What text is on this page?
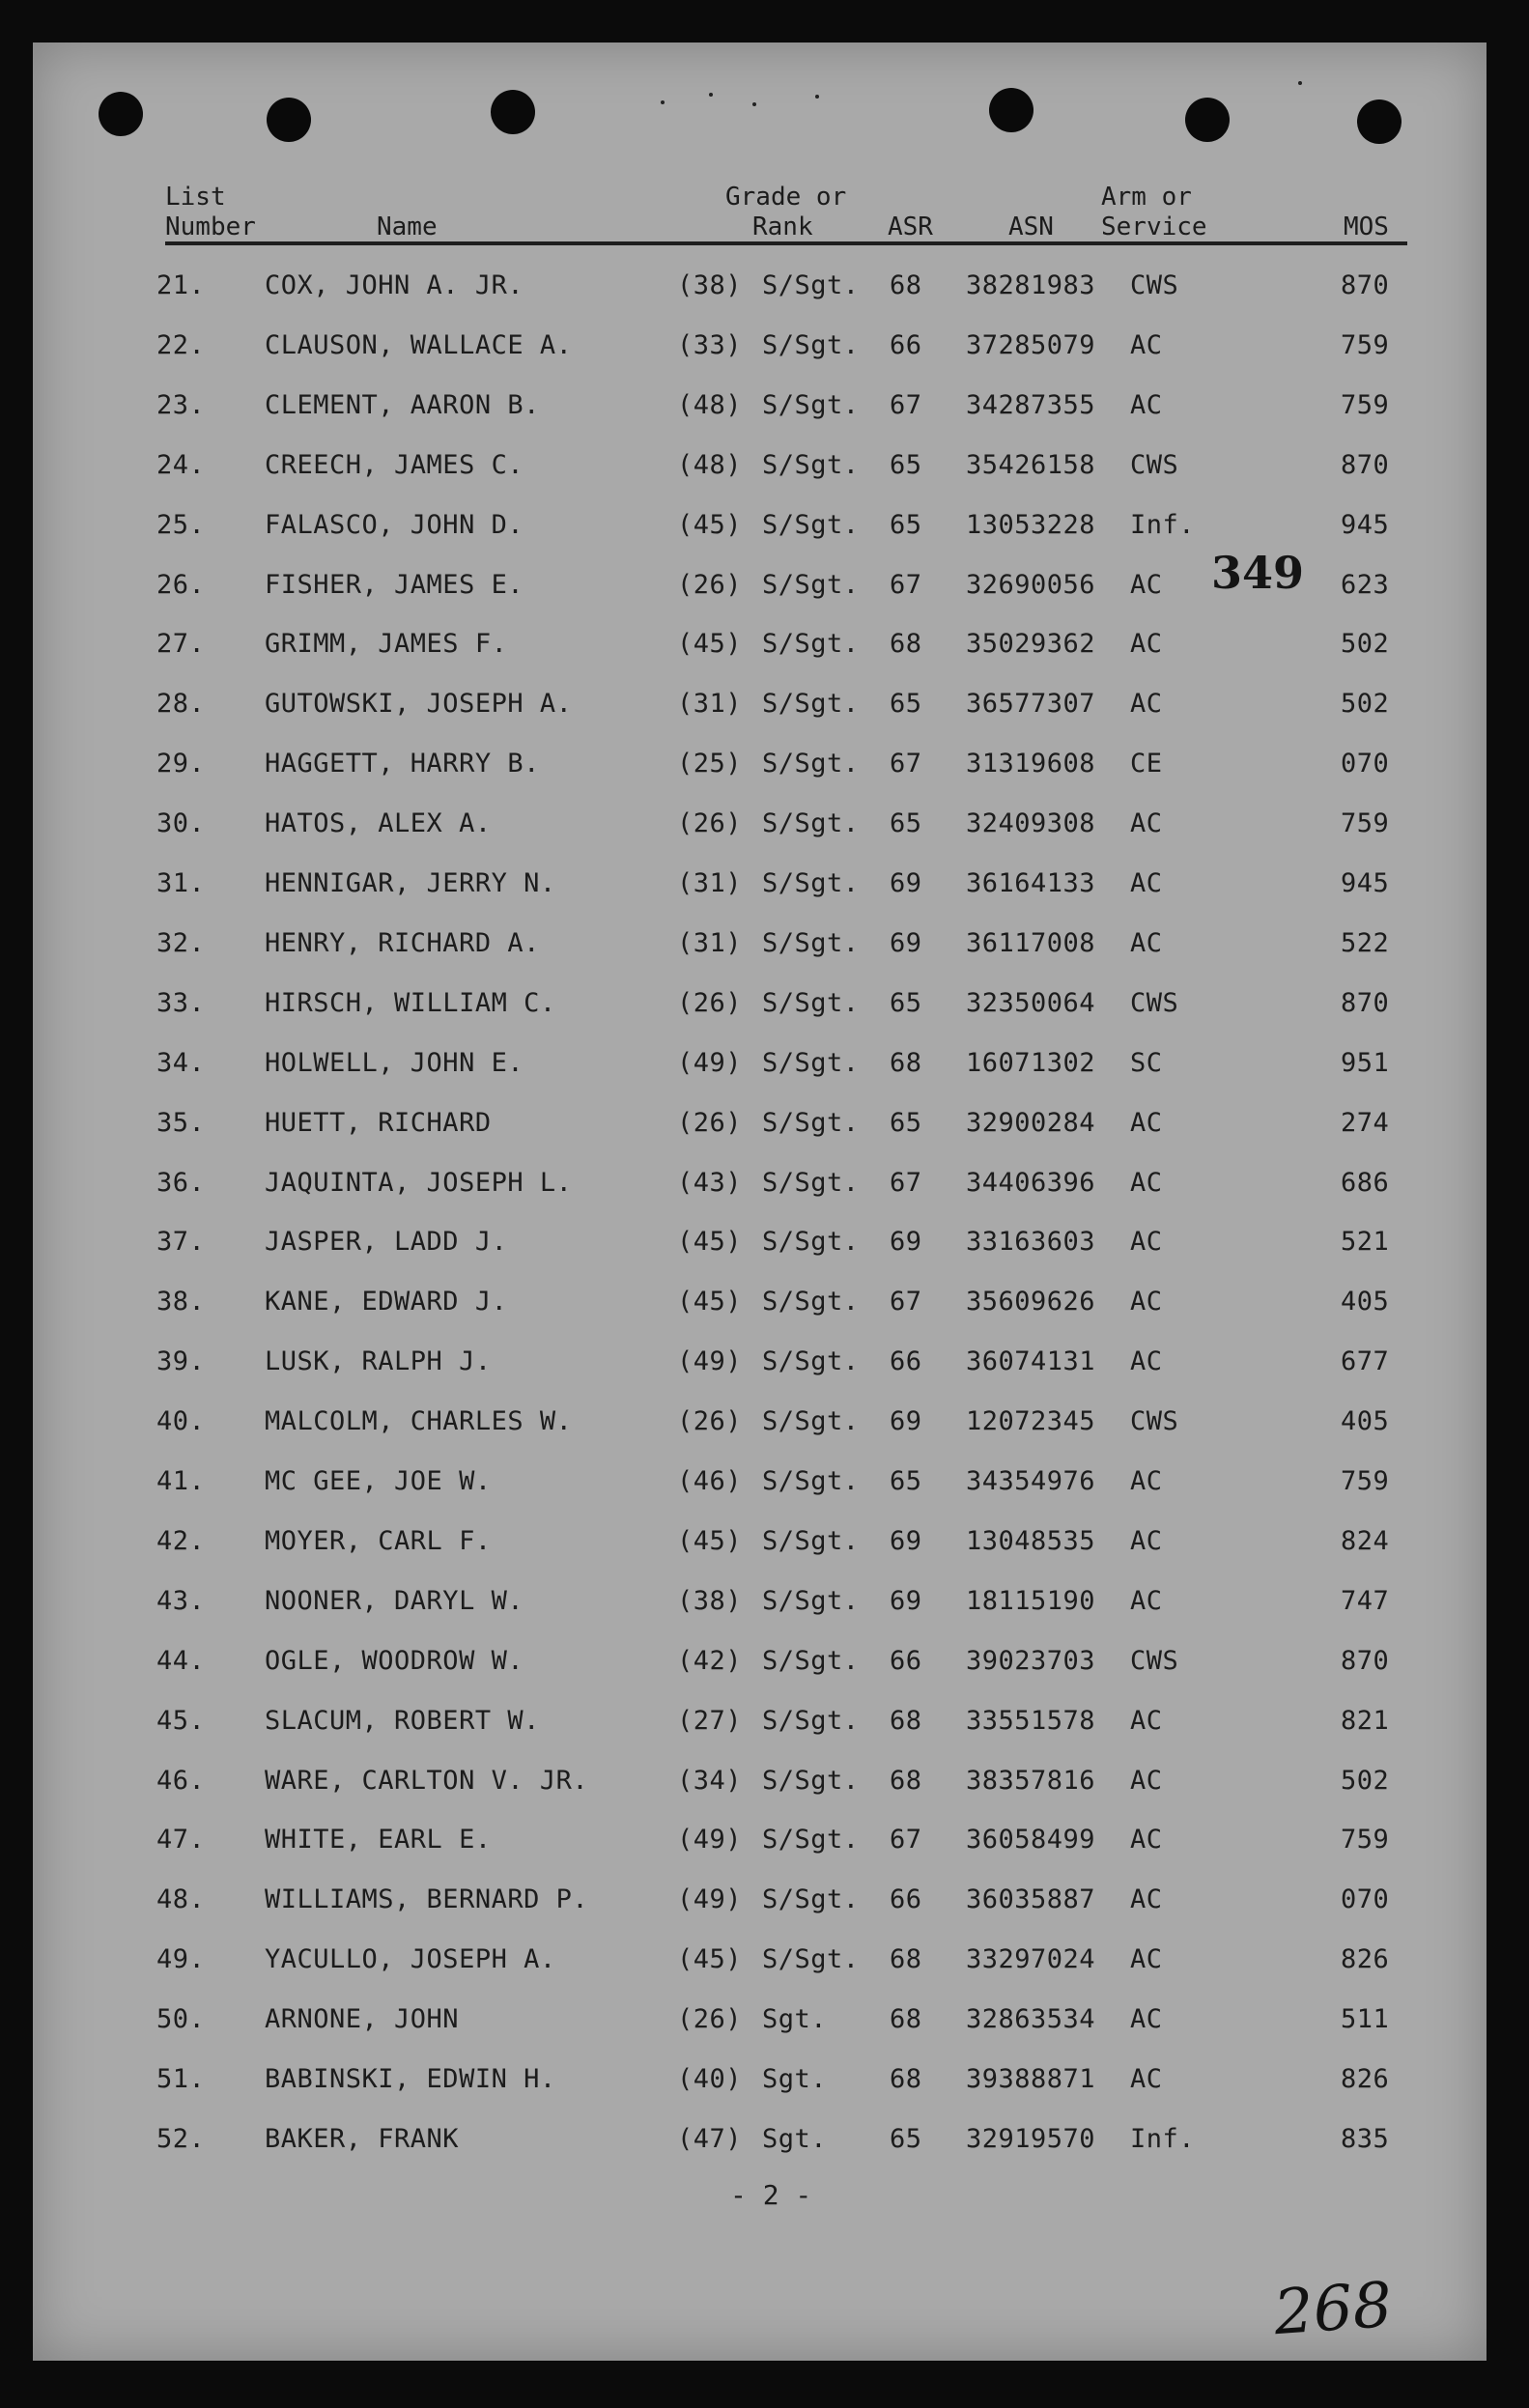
List
Number	Name
Grade or
Rank	ASR	ASN
Arm or
Service	MOS
21. COX, JOHN A. JR.	(38) S/Sgt. 68 38281983 CWS	870
22. CLAUSON, WALLACE A.	(33) S/Sgt. 66 37285079 AC	759
23. CLEMENT, AARON B.	(48) S/Sgt. 67 34287355 AC	759
24. CREECH, JAMES C.	(48) S/Sgt. 65 35426158 CWS	870
25. FALASCO, JOHN D.	(45) S/Sgt. 65 13053228 Inf.	945
26. FISHER, JAMES E.	(26) S/Sgt. 67 32690056 AC	623
27. GRIMM, JAMES F.	(45) S/Sgt. 68 35029362 AC	502
28. GUTOWSKI, JOSEPH A.	(31) S/Sgt. 65 36577307 AC	502
29. HAGGETT, HARRY B.	(25) S/Sgt. 67 31319608 CE	070
30. HATOS, ALEX A.	(26) S/Sgt. 65 32409308 AC	759
31. HENNIGAR, JERRY N.	(31) S/Sgt. 69 36164133 AC	945
32. HENRY, RICHARD A.	(31) S/Sgt. 69 36117008 AC	522
33. HIRSCH, WILLIAM C.	(26) S/Sgt. 65 32350064 CWS	870
34. HOLWELL, JOHN E.	(49) S/Sgt. 68 16071302 SC	951
35. HUETT, RICHARD	(26) S/Sgt. 65 32900284 AC	274
36. JAQUINTA, JOSEPH L.	(43) S/Sgt. 67 34406396 AC	686
37. JASPER, LADD J.	(45) S/Sgt. 69 33163603 AC	521
38. KANE, EDWARD J.	(45) S/Sgt. 67 35609626 AC	405
39. LUSK, RALPH J.	(49) S/Sgt. 66 36074131 AC	677
40. MALCOLM, CHARLES W.	(26) S/Sgt. 69 12072345 CWS	405
41. MC GEE, JOE W.	(46) S/Sgt. 65 34354976 AC	759
42. MOYER, CARL F.	(45) S/Sgt. 69 13048535 AC	824
43. NOONER, DARYL W.	(38) S/Sgt. 69 18115190 AC	747
44. OGLE, WOODROW W.	(42) S/Sgt. 66 39023703 CWS	870
45. SLACUM, ROBERT W.	(27) S/Sgt. 68 33551578 AC	821
46. WARE, CARLTON V. JR.	(34) S/Sgt. 68 38357816 AC	502
47. WHITE, EARL E.	(49) S/Sgt. 67 36058499 AC	759
48. WILLIAMS, BERNARD P.	(49) S/Sgt. 66 36035887 AC	070
49. YACULLO, JOSEPH A.	(45) S/Sgt. 68 33297024 AC	826
50. ARNONE, JOHN	(26) Sgt. 68 32863534 AC	511
51. BABINSKI, EDWIN H.	(40) Sgt. 68 39388871 AC	826
52. BAKER, FRANK	(47) Sgt. 65 32919570 Inf.	835
349
- 2 -
268
